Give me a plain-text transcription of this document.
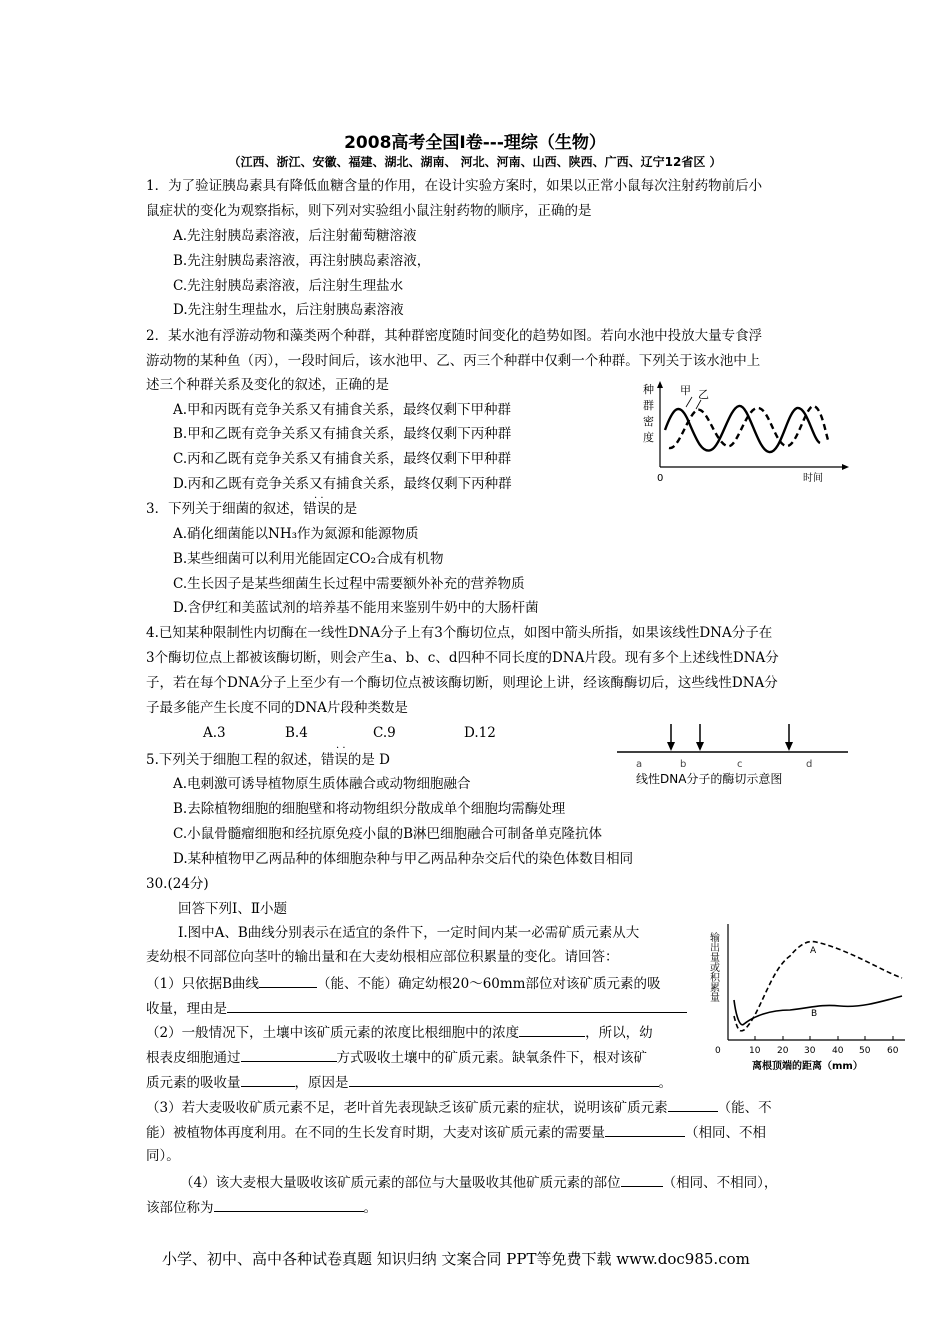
2008高考全国Ⅰ卷---理综（生物）
（江西、浙江、安徽、福建、湖北、湖南、 河北、河南、山西、陕西、广西、辽宁12省区 ）
1．为了验证胰岛素具有降低血糖含量的作用，在设计实验方案时，如果以正常小鼠每次注射药物前后小
鼠症状的变化为观察指标，则下列对实验组小鼠注射药物的顺序，正确的是
A.先注射胰岛素溶液，后注射葡萄糖溶液
B.先注射胰岛素溶液，再注射胰岛素溶液，
C.先注射胰岛素溶液，后注射生理盐水
D.先注射生理盐水，后注射胰岛素溶液
2．某水池有浮游动物和藻类两个种群，其种群密度随时间变化的趋势如图。若向水池中投放大量专食浮
游动物的某种鱼（丙），一段时间后，该水池甲、乙、丙三个种群中仅剩一个种群。下列关于该水池中上
述三个种群关系及变化的叙述，正确的是
A.甲和丙既有竞争关系又有捕食关系，最终仅剩下甲种群
B.甲和乙既有竞争关系又有捕食关系，最终仅剩下丙种群
C.丙和乙既有竞争关系又有捕食关系，最终仅剩下甲种群
D.丙和乙既有竞争关系又有捕食关系，最终仅剩下丙种群
种
群
密
度
甲 乙
0	时间
· ·
3．下列关于细菌的叙述，错误的是
A.硝化细菌能以NH₃作为氮源和能源物质
B.某些细菌可以利用光能固定CO₂合成有机物
C.生长因子是某些细菌生长过程中需要额外补充的营养物质
D.含伊红和美蓝试剂的培养基不能用来鉴别牛奶中的大肠杆菌
4.已知某种限制性内切酶在一线性DNA分子上有3个酶切位点，如图中箭头所指，如果该线性DNA分子在
3个酶切位点上都被该酶切断，则会产生a、b、c、d四种不同长度的DNA片段。现有多个上述线性DNA分
子，若在每个DNA分子上至少有一个酶切位点被该酶切断，则理论上讲，经该酶酶切后，这些线性DNA分
子最多能产生长度不同的DNA片段种类数是
A.3	B.4	C.9	D.12
a	b	c	d
线性DNA分子的酶切示意图
· ·
5.下列关于细胞工程的叙述，错误的是 D
A.电刺激可诱导植物原生质体融合或动物细胞融合
B.去除植物细胞的细胞壁和将动物组织分散成单个细胞均需酶处理
C.小鼠骨髓瘤细胞和经抗原免疫小鼠的B淋巴细胞融合可制备单克隆抗体
D.某种植物甲乙两品种的体细胞杂种与甲乙两品种杂交后代的染色体数目相同
30.(24分)
回答下列Ⅰ、Ⅱ小题
Ⅰ.图中A、B曲线分别表示在适宜的条件下，一定时间内某一必需矿质元素从大
麦幼根不同部位向茎叶的输出量和在大麦幼根相应部位积累量的变化。请回答：
（1）只依据B曲线	（能、不能）确定幼根20～60mm部位对该矿质元素的吸
收量，理由是
（2）一般情况下，土壤中该矿质元素的浓度比根细胞中的浓度	，所以，幼
根表皮细胞通过	方式吸收土壤中的矿质元素。缺氧条件下，根对该矿
质元素的吸收量	，原因是	。
（3）若大麦吸收矿质元素不足，老叶首先表现缺乏该矿质元素的症状，说明该矿质元素	（能、不
能）被植物体再度利用。在不同的生长发育时期，大麦对该矿质元素的需要量	（相同、不相
同）。
（4）该大麦根大量吸收该矿质元素的部位与大量吸收其他矿质元素的部位	（相同、不相同），
该部位称为	。
输出量或积累量
0	10 20 30 40 50 60
A
B
离根顶端的距离（mm）
小学、初中、高中各种试卷真题 知识归纳 文案合同 PPT等免费下载 www.doc985.com
